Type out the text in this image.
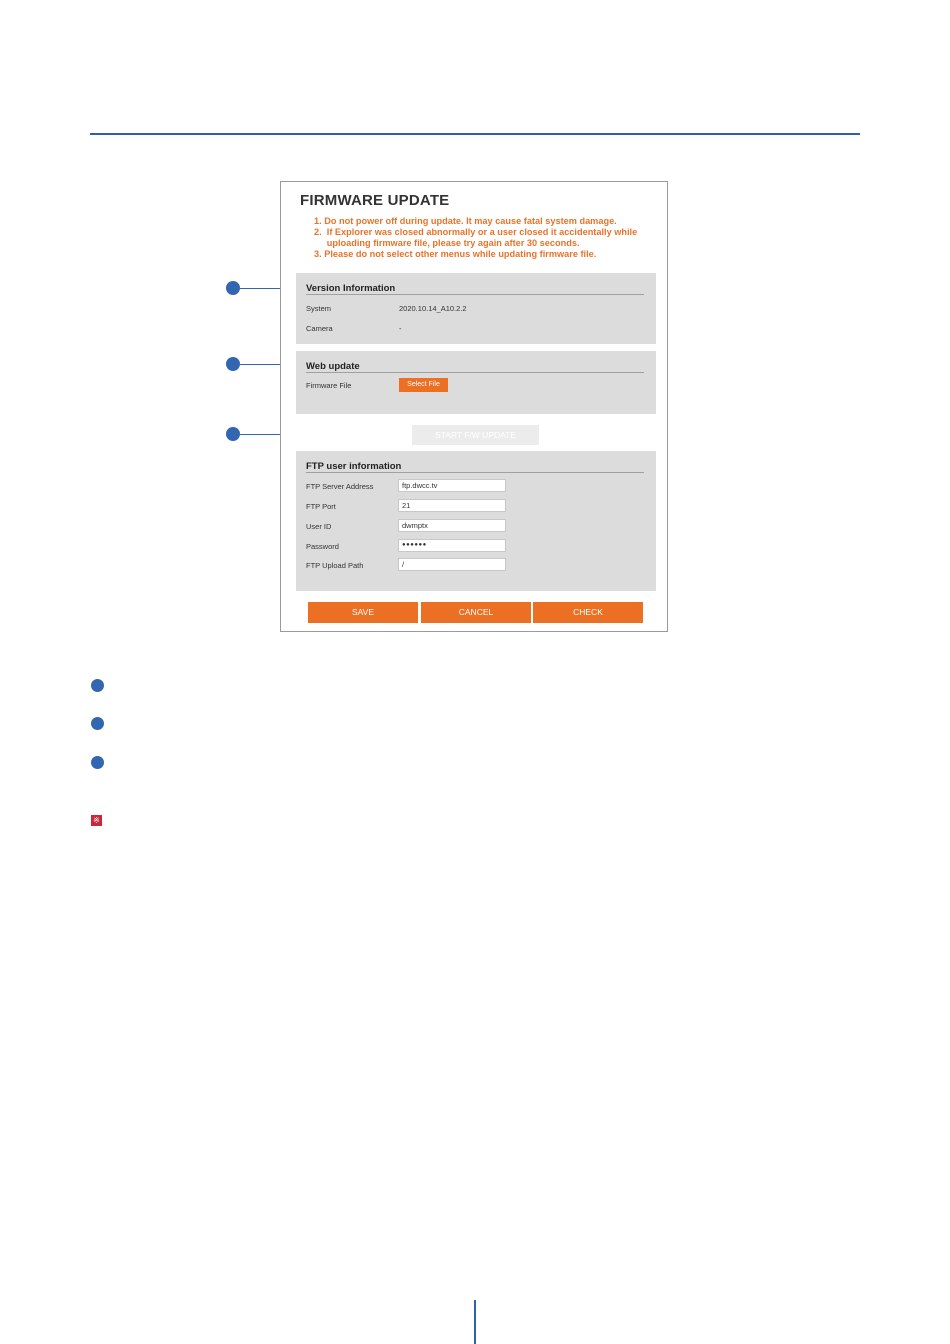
FIRMWARE UPDATE
1. Do not power off during update. It may cause fatal system damage.
2.  If Explorer was closed abnormally or a user closed it accidentally while
uploading firmware file, please try again after 30 seconds.
3. Please do not select other menus while updating firmware file.
Version Information
System	2020.10.14_A10.2.2
Camera	-
Web update
Firmware File	Select File
START F/W UPDATE
FTP user information
FTP Server Address	ftp.dwcc.tv
FTP Port	21
User ID	dwmptx
Password	●●●●●●
FTP Upload Path	/
SAVE	CANCEL	CHECK
※
